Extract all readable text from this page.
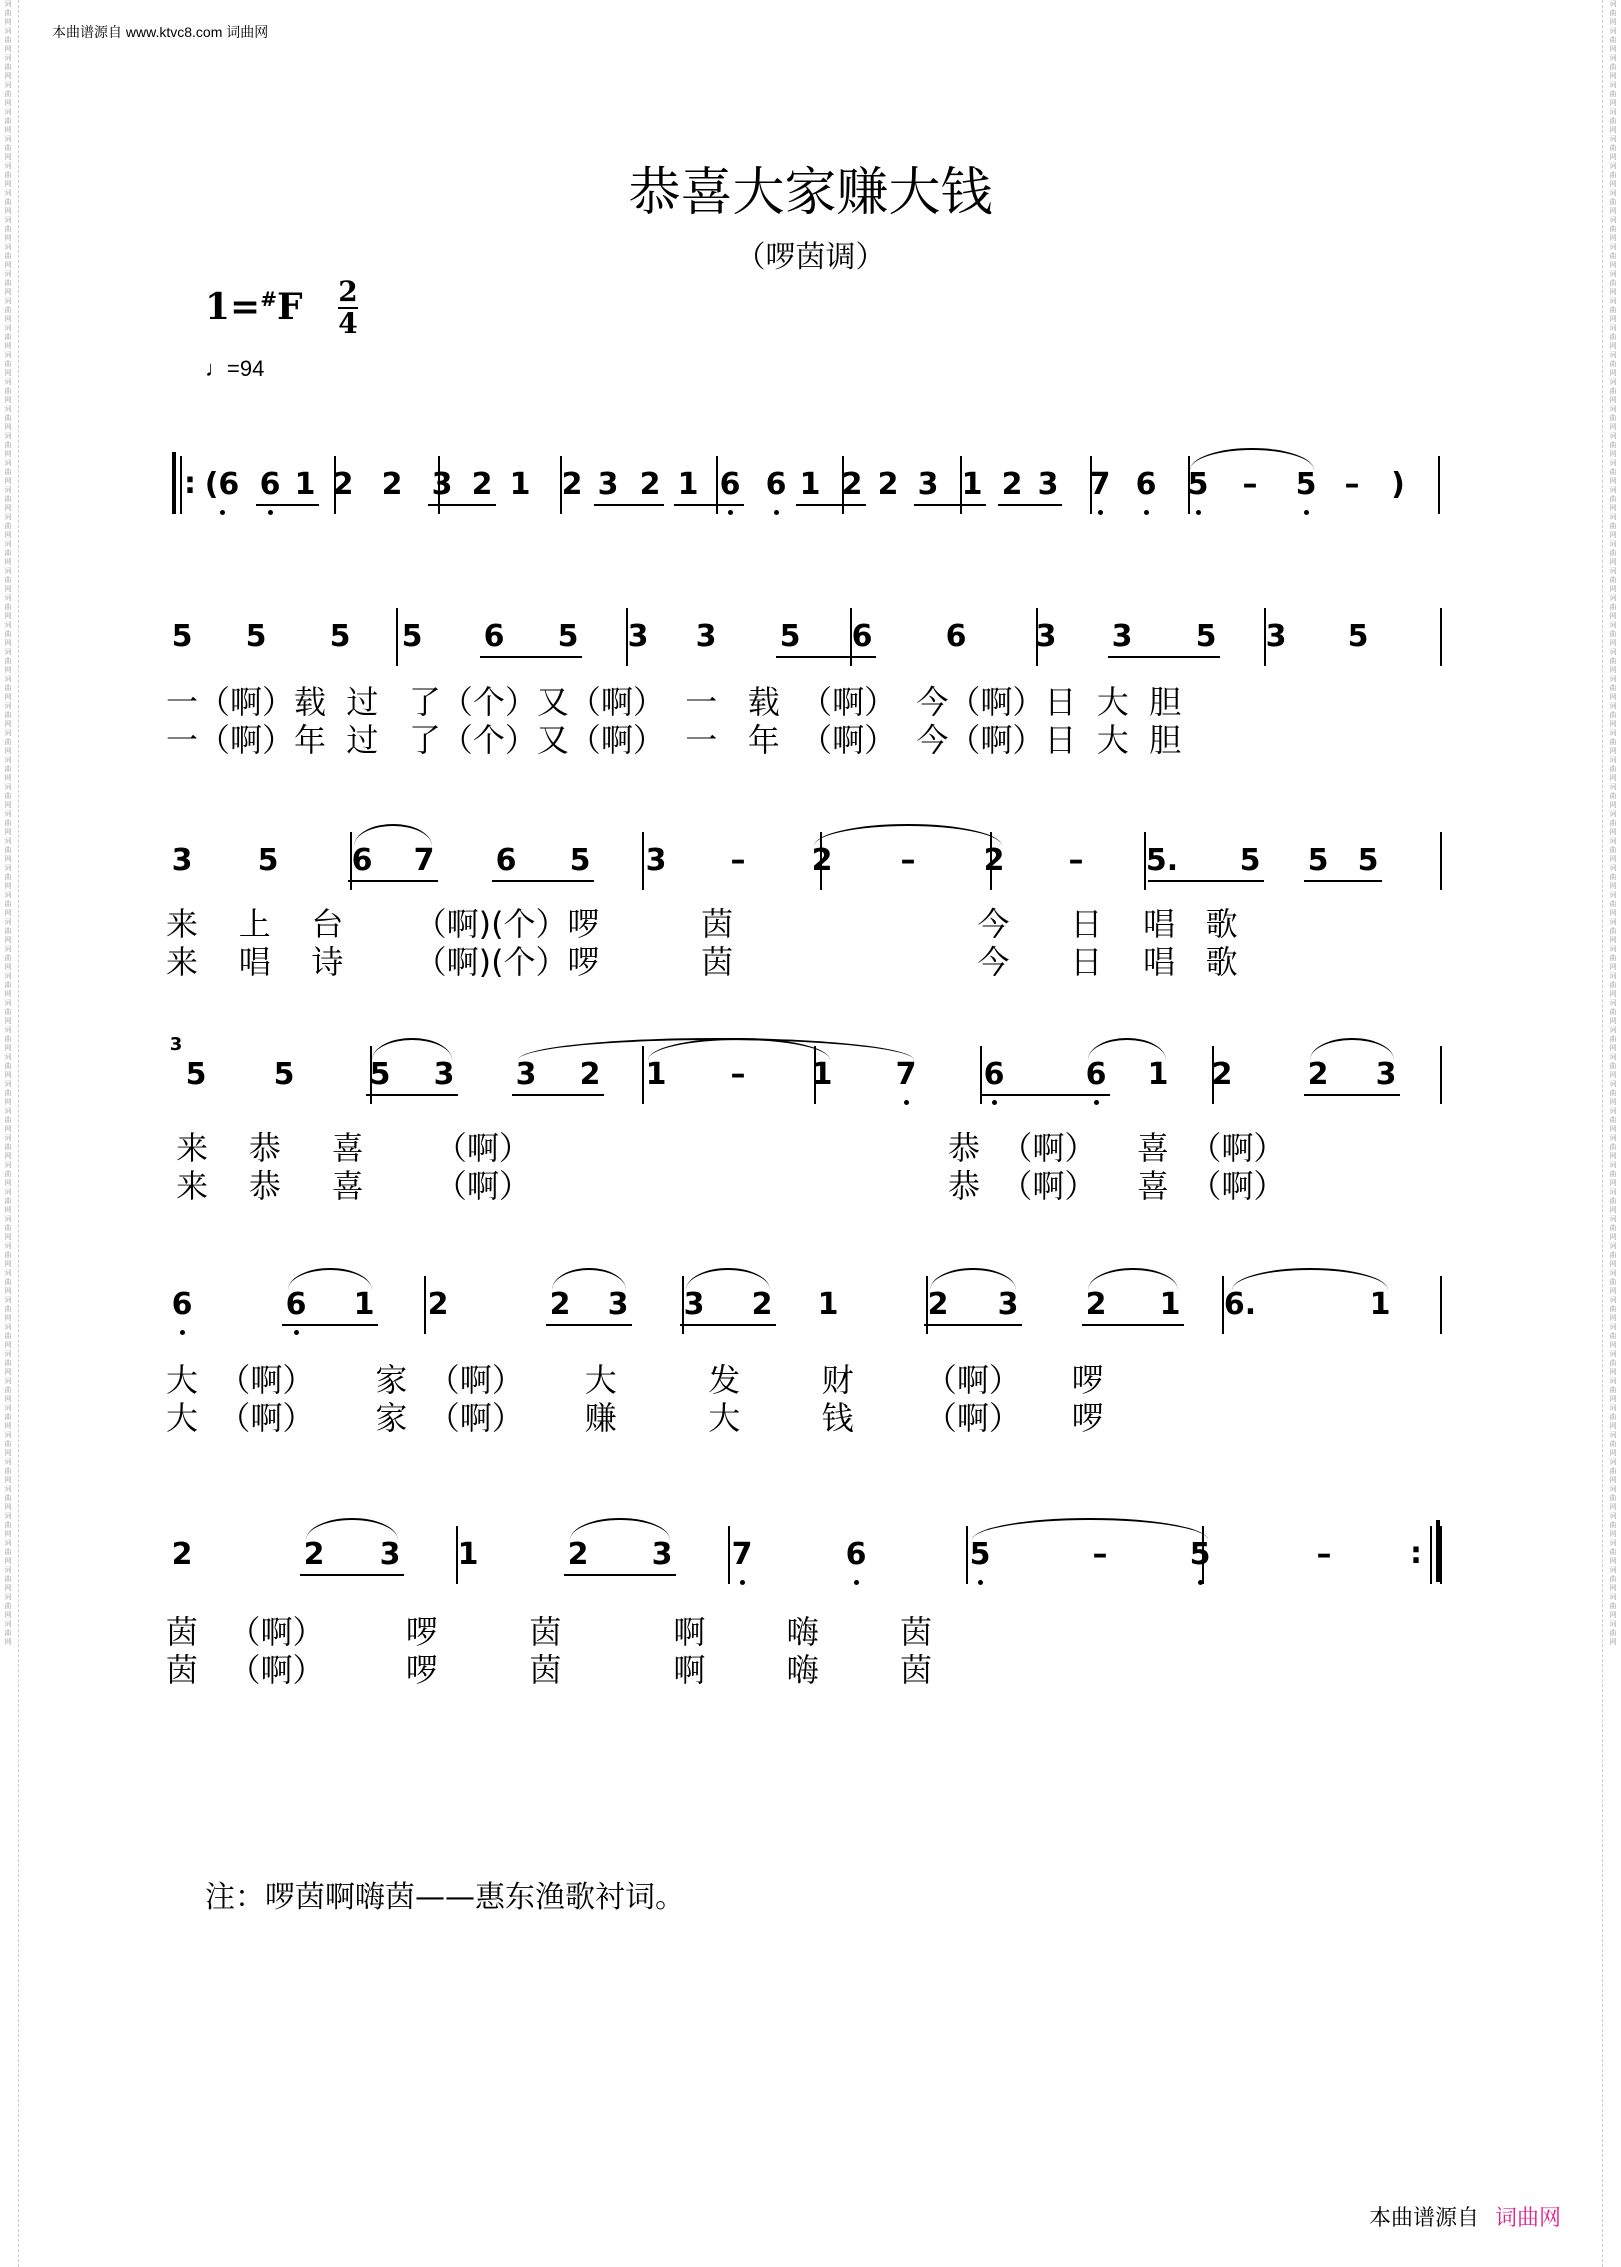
词曲网词曲网词曲网词曲网词曲网词曲网词曲网词曲网词曲网词曲网词曲网词曲网词曲网词曲网词曲网词曲网词曲网词曲网词曲网词曲网词曲网词曲网词曲网词曲网词曲网词曲网词曲网词曲网词曲网词曲网词曲网词曲网词曲网词曲网词曲网词曲网词曲网词曲网词曲网词曲网词曲网词曲网词曲网词曲网词曲网词曲网词曲网词曲网词曲网词曲网词曲网词曲网词曲网词曲网词曲网词曲网词曲网词曲网词曲网词曲网词曲网
词曲网词曲网词曲网词曲网词曲网词曲网词曲网词曲网词曲网词曲网词曲网词曲网词曲网词曲网词曲网词曲网词曲网词曲网词曲网词曲网词曲网词曲网词曲网词曲网词曲网词曲网词曲网词曲网词曲网词曲网词曲网词曲网词曲网词曲网词曲网词曲网词曲网词曲网词曲网词曲网词曲网词曲网词曲网词曲网词曲网词曲网词曲网词曲网词曲网词曲网词曲网词曲网词曲网词曲网词曲网词曲网词曲网词曲网词曲网词曲网词曲网
本曲谱源自 www.ktvc8.com 词曲网
恭喜大家赚大钱
（啰茵调）
1=#F 2
4
♩=94
(6 6 1 2 2 3 2 1 2 3 2 1 6 6 1 2 2 3 1 2 3 7 6 5 – 5 – )
5 5 5 5 6 5 3 3 5 6 6 3 3 5 3 5
一（啊）载  过   了（个）又（啊）  一   载  （啊）  今（啊）日  大  胆
一（啊）年  过   了（个）又（啊）  一   年  （啊）  今（啊）日  大  胆
3 5 6 7 6 5 3 – 2 – 2 – 5. 5 5 5
来    上    台       （啊)(个）啰          茵                        今      日    唱   歌
来    唱    诗       （啊)(个）啰          茵                        今      日    唱   歌
5 5	5 3 3 2 1 – 1 7 6	6 1 2	2 3
来    恭     喜       （啊）                                         恭  （啊）    喜  （啊）
来    恭     喜       （啊）                                         恭  （啊）    喜  （啊）
6	6 1 2	2 3 3 2 1	2 3 2 1 6.	1
大  （啊）      家  （啊）      大         发        财       （啊）     啰
大  （啊）      家  （啊）      赚         大        钱       （啊）     啰
2	2 3 1	2 3 7	6	5	–	5	–
茵   （啊）        啰         茵           啊        嗨        茵
茵   （啊）        啰         茵           啊        嗨        茵
:
:
3
注：啰茵啊嗨茵——惠东渔歌衬词。
本曲谱源自 词曲网
